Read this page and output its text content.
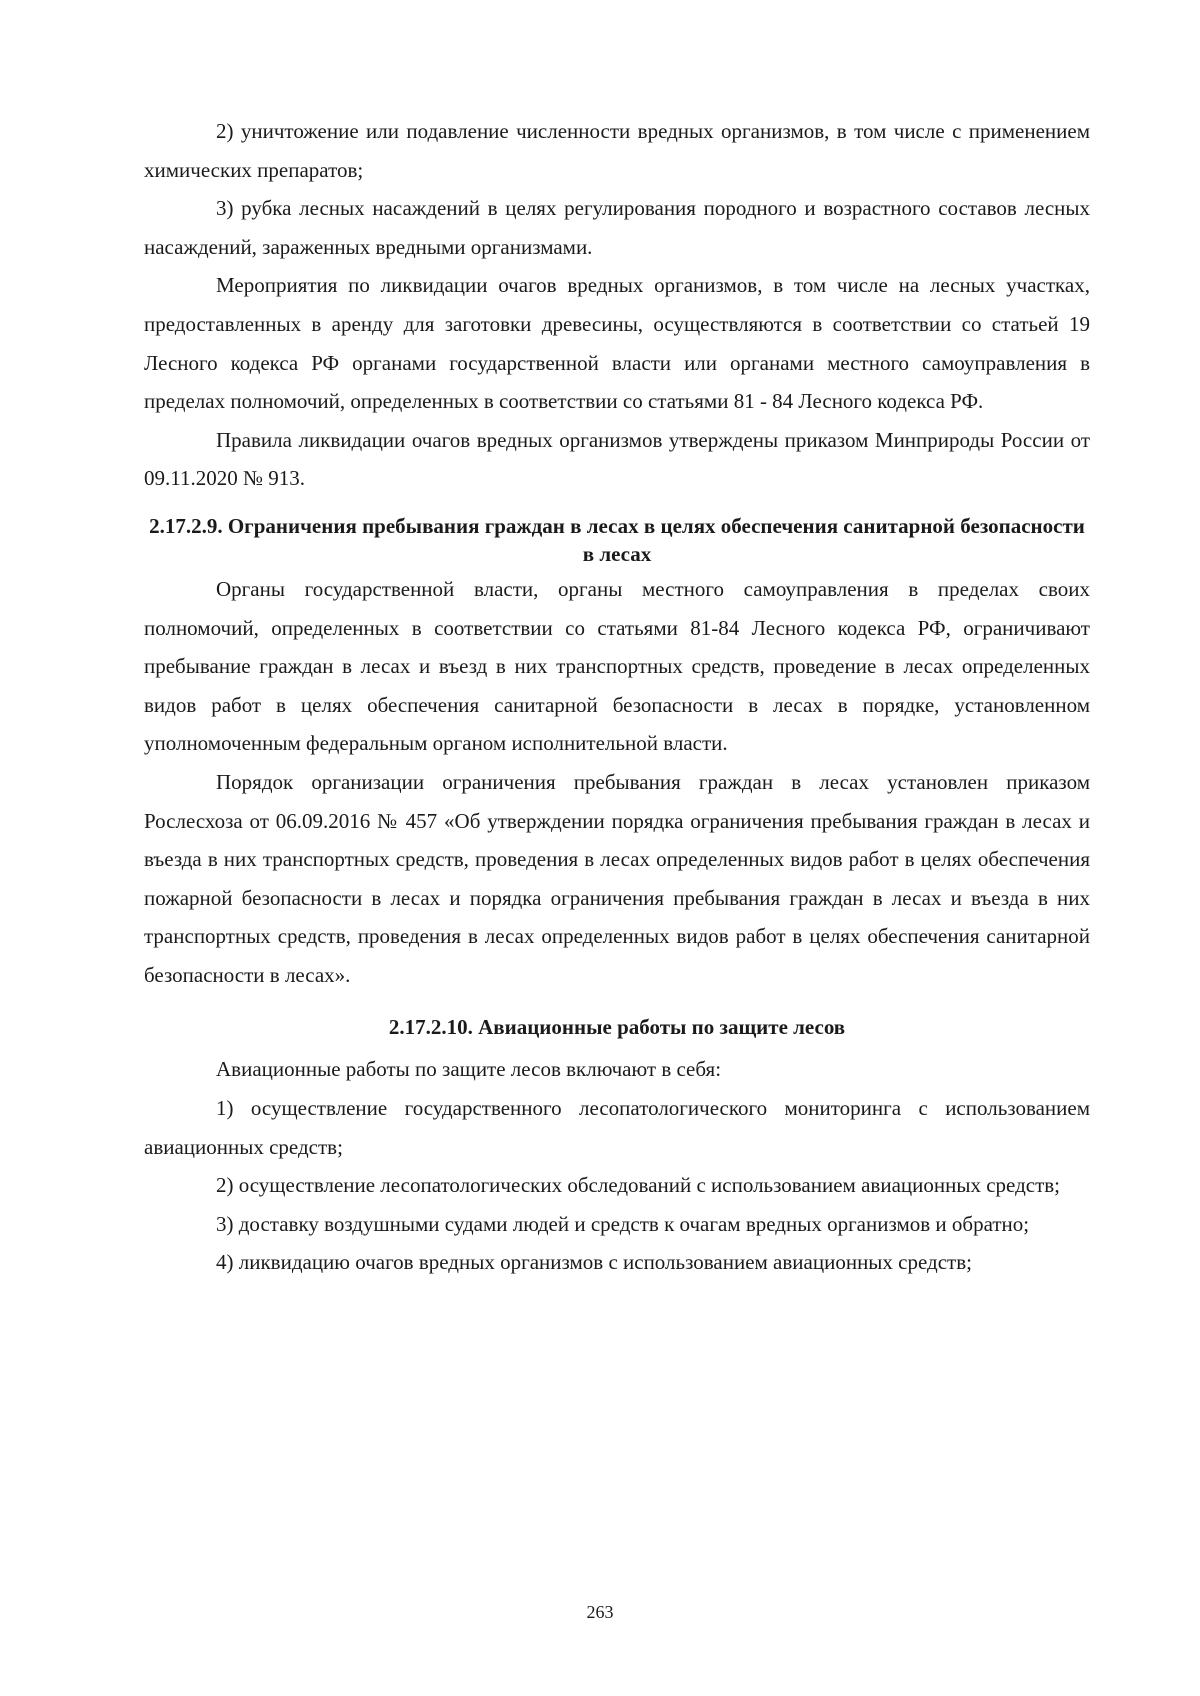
2) уничтожение или подавление численности вредных организмов, в том числе с применением химических препаратов;

3) рубка лесных насаждений в целях регулирования породного и возрастного составов лесных насаждений, зараженных вредными организмами.

Мероприятия по ликвидации очагов вредных организмов, в том числе на лесных участках, предоставленных в аренду для заготовки древесины, осуществляются в соответствии со статьей 19 Лесного кодекса РФ органами государственной власти или органами местного самоуправления в пределах полномочий, определенных в соответствии со статьями 81 - 84 Лесного кодекса РФ.

Правила ликвидации очагов вредных организмов утверждены приказом Минприроды России от 09.11.2020 № 913.

2.17.2.9. Ограничения пребывания граждан в лесах в целях обеспечения санитарной безопасности в лесах

Органы государственной власти, органы местного самоуправления в пределах своих полномочий, определенных в соответствии со статьями 81-84 Лесного кодекса РФ, ограничивают пребывание граждан в лесах и въезд в них транспортных средств, проведение в лесах определенных видов работ в целях обеспечения санитарной безопасности в лесах в порядке, установленном уполномоченным федеральным органом исполнительной власти.

Порядок организации ограничения пребывания граждан в лесах установлен приказом Рослесхоза от 06.09.2016 № 457 «Об утверждении порядка ограничения пребывания граждан в лесах и въезда в них транспортных средств, проведения в лесах определенных видов работ в целях обеспечения пожарной безопасности в лесах и порядка ограничения пребывания граждан в лесах и въезда в них транспортных средств, проведения в лесах определенных видов работ в целях обеспечения санитарной безопасности в лесах».

2.17.2.10. Авиационные работы по защите лесов

Авиационные работы по защите лесов включают в себя:

1) осуществление государственного лесопатологического мониторинга с использованием авиационных средств;

2) осуществление лесопатологических обследований с использованием авиационных средств;

3) доставку воздушными судами людей и средств к очагам вредных организмов и обратно;

4) ликвидацию очагов вредных организмов с использованием авиационных средств;

263
